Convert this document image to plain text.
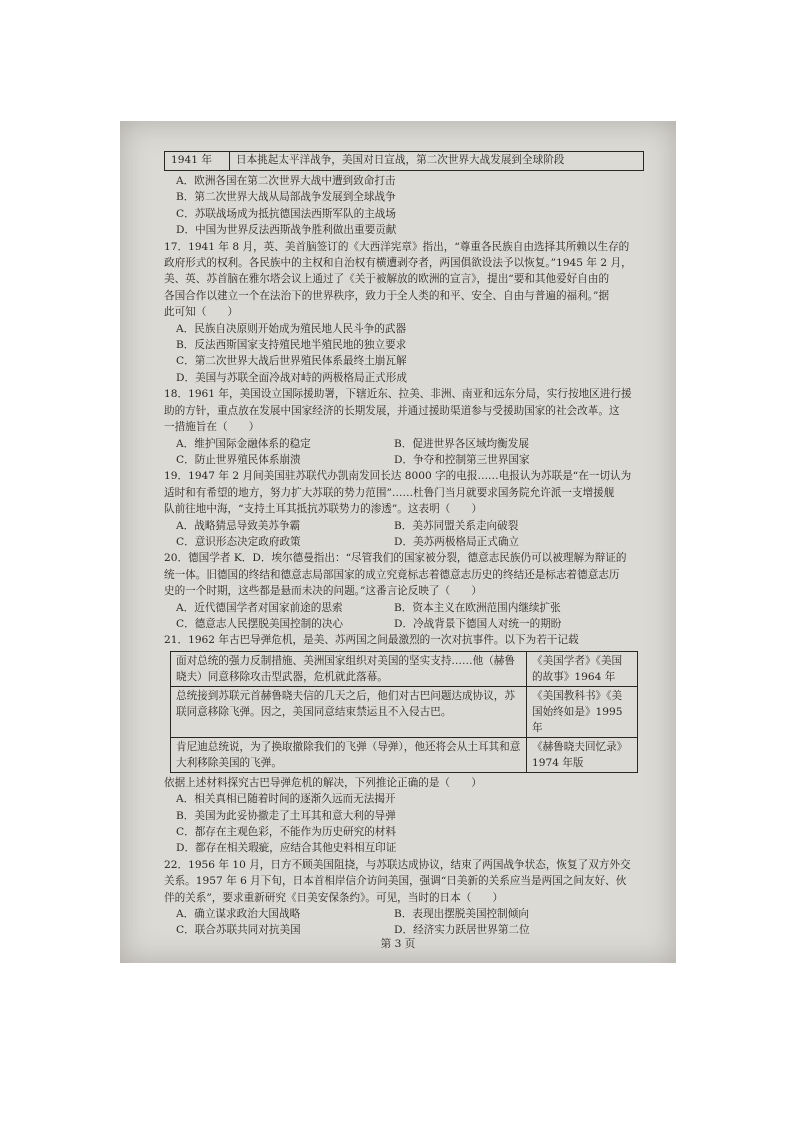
1941 年	日本挑起太平洋战争，美国对日宣战，第二次世界大战发展到全球阶段
A．欧洲各国在第二次世界大战中遭到致命打击
B．第二次世界大战从局部战争发展到全球战争
C．苏联战场成为抵抗德国法西斯军队的主战场
D．中国为世界反法西斯战争胜利做出重要贡献
17．1941 年 8 月，英、美首脑签订的《大西洋宪章》指出，“尊重各民族自由选择其所赖以生存的
政府形式的权利。各民族中的主权和自治权有横遭剥夺者，两国俱欲设法予以恢复。”1945 年 2 月，
美、英、苏首脑在雅尔塔会议上通过了《关于被解放的欧洲的宣言》，提出“要和其他爱好自由的
各国合作以建立一个在法治下的世界秩序，致力于全人类的和平、安全、自由与普遍的福利。”据
此可知（　　）
A．民族自决原则开始成为殖民地人民斗争的武器
B．反法西斯国家支持殖民地半殖民地的独立要求
C．第二次世界大战后世界殖民体系最终土崩瓦解
D．美国与苏联全面冷战对峙的两极格局正式形成
18．1961 年，美国设立国际援助署，下辖近东、拉美、非洲、南亚和远东分局，实行按地区进行援
助的方针，重点放在发展中国家经济的长期发展，并通过援助渠道参与受援助国家的社会改革。这
一措施旨在（　　）
A．维护国际金融体系的稳定	B．促进世界各区域均衡发展
C．防止世界殖民体系崩溃	D．争夺和控制第三世界国家
19．1947 年 2 月间美国驻苏联代办凯南发回长达 8000 字的电报……电报认为苏联是“在一切认为
适时和有希望的地方，努力扩大苏联的势力范围”……杜鲁门当月就要求国务院允许派一支增援舰
队前往地中海，“支持土耳其抵抗苏联势力的渗透”。这表明（　　）
A．战略猜忌导致美苏争霸	B．美苏同盟关系走向破裂
C．意识形态决定政府政策	D．美苏两极格局正式确立
20．德国学者 K．D．埃尔德曼指出：“尽管我们的国家被分裂，德意志民族仍可以被理解为辩证的
统一体。旧德国的终结和德意志局部国家的成立究竟标志着德意志历史的终结还是标志着德意志历
史的一个时期，这些都是悬而未决的问题。”这番言论反映了（　　）
A．近代德国学者对国家前途的思索	B．资本主义在欧洲范围内继续扩张
C．德意志人民摆脱美国控制的决心	D．冷战背景下德国人对统一的期盼
21．1962 年古巴导弹危机，是美、苏两国之间最激烈的一次对抗事件。以下为若干记载
面对总统的强力反制措施、美洲国家组织对美国的坚实支持……他（赫鲁晓夫）同意移除攻击型武器，危机就此落幕。	《美国学者》《美国的故事》1964 年
总统接到苏联元首赫鲁晓夫信的几天之后，他们对古巴问题达成协议，苏联同意移除飞弹。因之，美国同意结束禁运且不入侵古巴。	《美国教科书》《美国始终如是》1995 年
肯尼迪总统说，为了换取撤除我们的飞弹（导弹），他还将会从土耳其和意大利移除美国的飞弹。	《赫鲁晓夫回忆录》1974 年版
依据上述材料探究古巴导弹危机的解决，下列推论正确的是（　　）
A．相关真相已随着时间的逐渐久远而无法揭开
B．美国为此妥协撤走了土耳其和意大利的导弹
C．都存在主观色彩，不能作为历史研究的材料
D．都存在相关瑕疵，应结合其他史料相互印证
22．1956 年 10 月，日方不顾美国阻挠，与苏联达成协议，结束了两国战争状态，恢复了双方外交
关系。1957 年 6 月下旬，日本首相岸信介访问美国，强调“日美新的关系应当是两国之间友好、伙
伴的关系”，要求重新研究《日美安保条约》。可见，当时的日本（　　）
A．确立谋求政治大国战略	B．表现出摆脱美国控制倾向
C．联合苏联共同对抗美国	D．经济实力跃居世界第二位
第 3 页
